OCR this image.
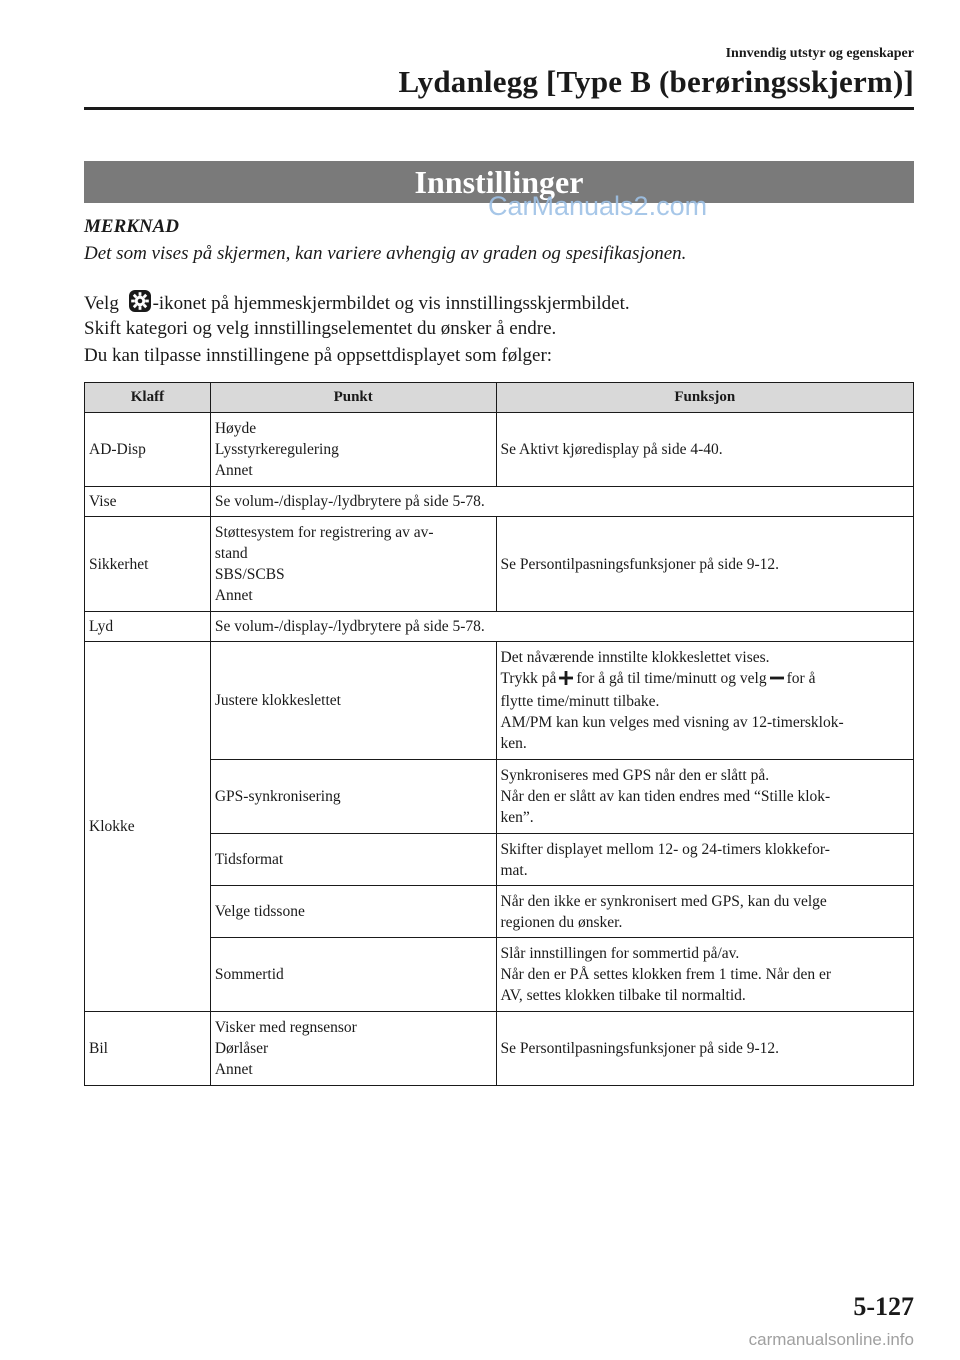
Innvendig utstyr og egenskaper
Lydanlegg [Type B (berøringsskjerm)]
Innstillinger
CarManuals2.com
MERKNAD
Det som vises på skjermen, kan variere avhengig av graden og spesifikasjonen.
Velg -ikonet på hjemmeskjermbildet og vis innstillingsskjermbildet.
Skift kategori og velg innstillingselementet du ønsker å endre.
Du kan tilpasse innstillingene på oppsettdisplayet som følger:
Klaff	Punkt	Funksjon
AD-Disp	Høyde
Lysstyrkeregulering
Annet	Se Aktivt kjøredisplay på side 4-40.
Vise	Se volum-/display-/lydbrytere på side 5-78.	
Sikkerhet	Støttesystem for registrering av av-
stand
SBS/SCBS
Annet	Se Persontilpasningsfunksjoner på side 9-12.
Lyd	Se volum-/display-/lydbrytere på side 5-78.	
Klokke	Justere klokkeslettet	Det nåværende innstilte klokkeslettet vises.
Trykk på for å gå til time/minutt og velg for å
flytte time/minutt tilbake.
AM/PM kan kun velges med visning av 12-timersklok-
ken.

	GPS-synkronisering	Synkroniseres med GPS når den er slått på.
Når den er slått av kan tiden endres med “Stille klok-
ken”.

	Tidsformat	Skifter displayet mellom 12- og 24-timers klokkefor-
mat.

	Velge tidssone	Når den ikke er synkronisert med GPS, kan du velge
regionen du ønsker.

	Sommertid	Slår innstillingen for sommertid på/av.
Når den er PÅ settes klokken frem 1 time. Når den er
AV, settes klokken tilbake til normaltid.

Bil	Visker med regnsensor
Dørlåser
Annet	Se Persontilpasningsfunksjoner på side 9-12.
5-127
carmanualsonline.info
